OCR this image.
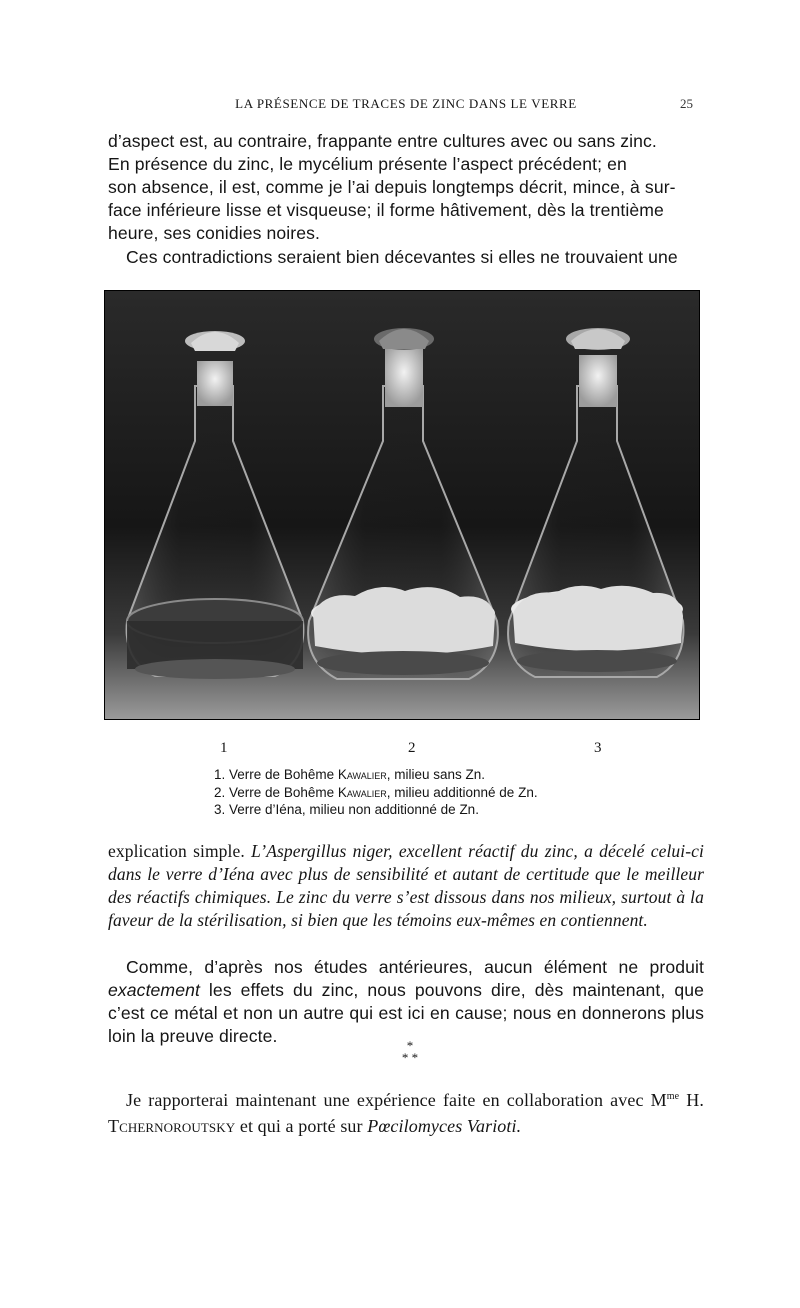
LA PRÉSENCE DE TRACES DE ZINC DANS LE VERRE	25
d’aspect est, au contraire, frappante entre cultures avec ou sans zinc.
En présence du zinc, le mycélium présente l’aspect précédent; en
son absence, il est, comme je l’ai depuis longtemps décrit, mince, à sur-
face inférieure lisse et visqueuse; il forme hâtivement, dès la trentième
heure, ses conidies noires.
Ces contradictions seraient bien décevantes si elles ne trouvaient une
1	2	3
1. Verre de Bohême Kawalier, milieu sans Zn.
2. Verre de Bohême Kawalier, milieu additionné de Zn.
3. Verre d’Iéna, milieu non additionné de Zn.
explication simple. L’Aspergillus niger, excellent réactif du zinc, a décelé celui-ci dans le verre d’Iéna avec plus de sensibilité et autant de certitude que le meilleur des réactifs chimiques. Le zinc du verre s’est dissous dans nos milieux, surtout à la faveur de la stérilisation, si bien que les témoins eux-mêmes en contiennent.
Comme, d’après nos études antérieures, aucun élément ne produit exactement les effets du zinc, nous pouvons dire, dès maintenant, que c’est ce métal et non un autre qui est ici en cause; nous en donnerons plus loin la preuve directe.	*
* *
Je rapporterai maintenant une expérience faite en collaboration avec $M^{me}$ H. Tchernoroutsky et qui a porté sur Pœcilomyces Varioti.
